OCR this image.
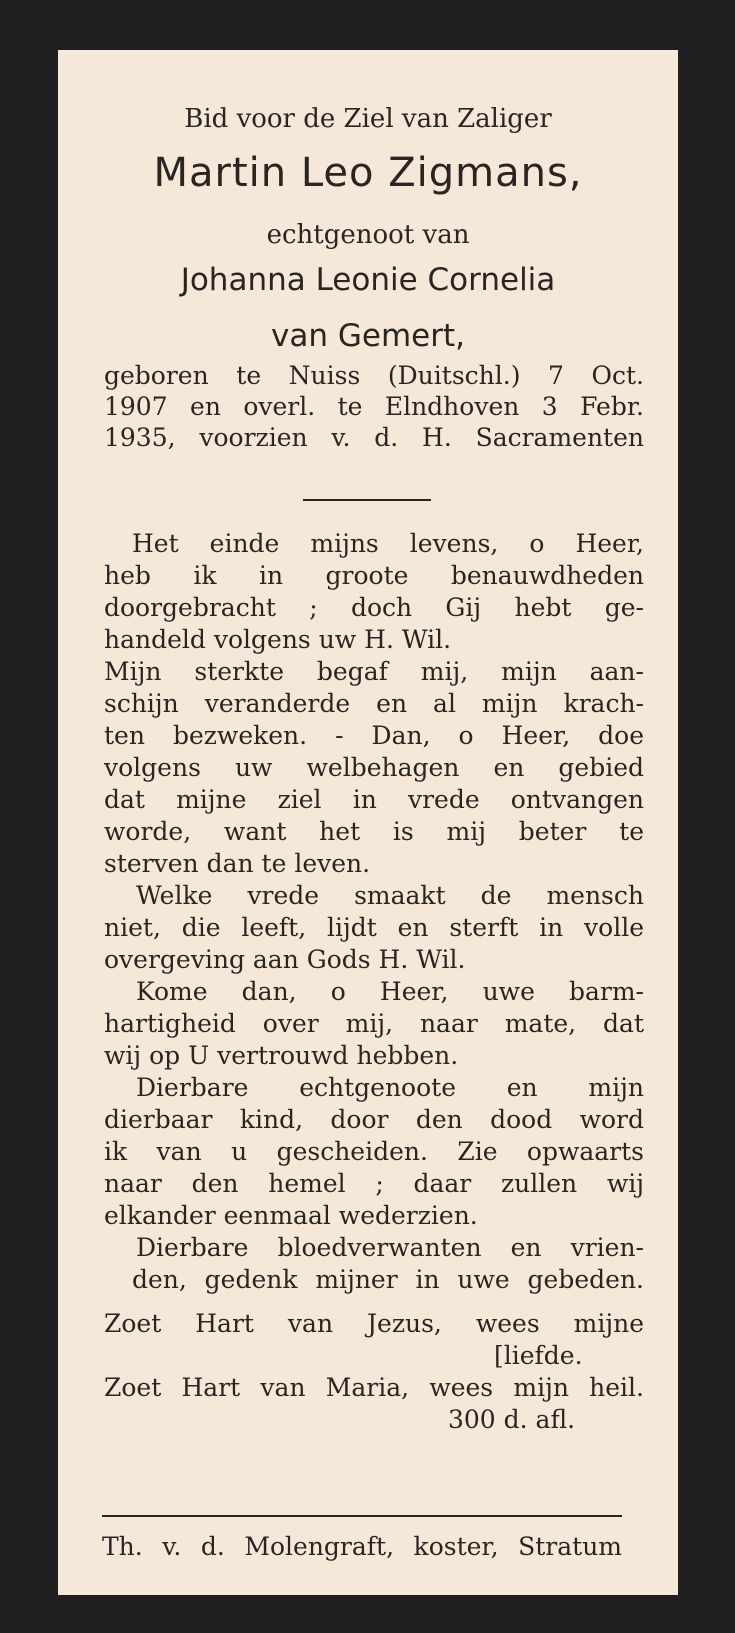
Bid voor de Ziel van Zaliger

Martin Leo Zigmans,

echtgenoot van

Johanna Leonie Cornelia

van Gemert,

geboren te Nuiss (Duitschl.) 7 Oct.

1907 en overl. te Elndhoven 3 Febr.

1935, voorzien v. d. H. Sacramenten

Het einde mijns levens, o Heer,

heb ik in groote benauwdheden

doorgebracht ; doch Gij hebt ge-

handeld volgens uw H. Wil.

Mijn sterkte begaf mij, mijn aan-

schijn veranderde en al mijn krach-

ten bezweken. - Dan, o Heer, doe

volgens uw welbehagen en gebied

dat mijne ziel in vrede ontvangen

worde, want het is mij beter te

sterven dan te leven.

Welke vrede smaakt de mensch

niet, die leeft, lijdt en sterft in volle

overgeving aan Gods H. Wil.

Kome dan, o Heer, uwe barm-

hartigheid over mij, naar mate, dat

wij op U vertrouwd hebben.

Dierbare echtgenoote en mijn

dierbaar kind, door den dood word

ik van u gescheiden. Zie opwaarts

naar den hemel ; daar zullen wij

elkander eenmaal wederzien.

Dierbare bloedverwanten en vrien-

den, gedenk mijner in uwe gebeden.

Zoet Hart van Jezus, wees mijne

[liefde.

Zoet Hart van Maria, wees mijn heil.

300 d. afl.

Th. v. d. Molengraft, koster, Stratum
